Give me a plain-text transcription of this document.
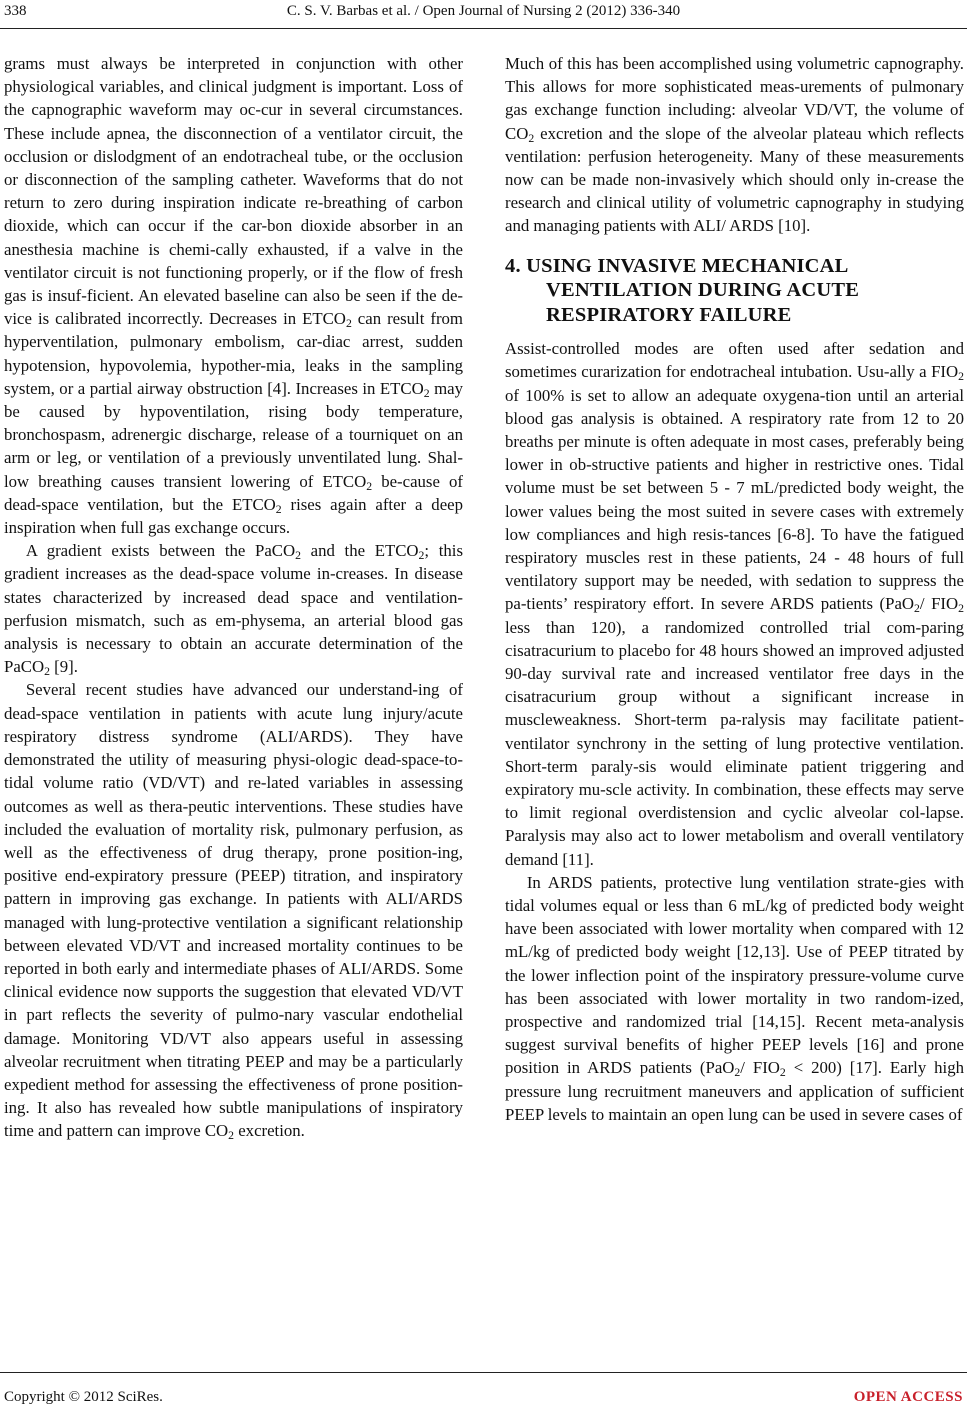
338	C. S. V. Barbas et al. / Open Journal of Nursing 2 (2012) 336-340

grams must always be interpreted in conjunction with other physiological variables, and clinical judgment is important. Loss of the capnographic waveform may oc-cur in several circumstances. These include apnea, the disconnection of a ventilator circuit, the occlusion or dislodgment of an endotracheal tube, or the occlusion or disconnection of the sampling catheter. Waveforms that do not return to zero during inspiration indicate re-breathing of carbon dioxide, which can occur if the car-bon dioxide absorber in an anesthesia machine is chemi-cally exhausted, if a valve in the ventilator circuit is not functioning properly, or if the flow of fresh gas is insuf-ficient. An elevated baseline can also be seen if the de-vice is calibrated incorrectly. Decreases in $ETCO_2$ can result from hyperventilation, pulmonary embolism, car-diac arrest, sudden hypotension, hypovolemia, hypother-mia, leaks in the sampling system, or a partial airway obstruction [4]. Increases in $ETCO_2$ may be caused by hypoventilation, rising body temperature, bronchospasm, adrenergic discharge, release of a tourniquet on an arm or leg, or ventilation of a previously unventilated lung. Shal-low breathing causes transient lowering of $ETCO_2$ be-cause of dead-space ventilation, but the $ETCO_2$ rises again after a deep inspiration when full gas exchange occurs.

A gradient exists between the PaCO$_2$ and the $ETCO_2$; this gradient increases as the dead-space volume in-creases. In disease states characterized by increased dead space and ventilation-perfusion mismatch, such as em-physema, an arterial blood gas analysis is necessary to obtain an accurate determination of the PaCO$_2$ [9].

Several recent studies have advanced our understand-ing of dead-space ventilation in patients with acute lung injury/acute respiratory distress syndrome (ALI/ARDS). They have demonstrated the utility of measuring physi-ologic dead-space-to-tidal volume ratio (VD/VT) and re-lated variables in assessing outcomes as well as thera-peutic interventions. These studies have included the evaluation of mortality risk, pulmonary perfusion, as well as the effectiveness of drug therapy, prone position-ing, positive end-expiratory pressure (PEEP) titration, and inspiratory pattern in improving gas exchange. In patients with ALI/ARDS managed with lung-protective ventilation a significant relationship between elevated VD/VT and increased mortality continues to be reported in both early and intermediate phases of ALI/ARDS. Some clinical evidence now supports the suggestion that elevated VD/VT in part reflects the severity of pulmo-nary vascular endothelial damage. Monitoring VD/VT also appears useful in assessing alveolar recruitment when titrating PEEP and may be a particularly expedient method for assessing the effectiveness of prone position-ing. It also has revealed how subtle manipulations of inspiratory time and pattern can improve $CO_2$ excretion.

Much of this has been accomplished using volumetric capnography. This allows for more sophisticated meas-urements of pulmonary gas exchange function including: alveolar VD/VT, the volume of $CO_2$ excretion and the slope of the alveolar plateau which reflects ventilation: perfusion heterogeneity. Many of these measurements now can be made non-invasively which should only in-crease the research and clinical utility of volumetric capnography in studying and managing patients with ALI/ ARDS [10].

4. USING INVASIVE MECHANICAL VENTILATION DURING ACUTE RESPIRATORY FAILURE

Assist-controlled modes are often used after sedation and sometimes curarization for endotracheal intubation. Usu-ally a $FIO_2$ of 100% is set to allow an adequate oxygena-tion until an arterial blood gas analysis is obtained. A respiratory rate from 12 to 20 breaths per minute is often adequate in most cases, preferably being lower in ob-structive patients and higher in restrictive ones. Tidal volume must be set between 5 - 7 mL/predicted body weight, the lower values being the most suited in severe cases with extremely low compliances and high resis-tances [6-8]. To have the fatigued respiratory muscles rest in these patients, 24 - 48 hours of full ventilatory support may be needed, with sedation to suppress the pa-tients’ respiratory effort. In severe ARDS patients (PaO$_2$/ $FIO_2$ less than 120), a randomized controlled trial com-paring cisatracurium to placebo for 48 hours showed an improved adjusted 90-day survival rate and increased ventilator free days in the cisatracurium group without a significant increase in muscleweakness. Short-term pa-ralysis may facilitate patient-ventilator synchrony in the setting of lung protective ventilation. Short-term paraly-sis would eliminate patient triggering and expiratory mu-scle activity. In combination, these effects may serve to limit regional overdistension and cyclic alveolar col-lapse. Paralysis may also act to lower metabolism and overall ventilatory demand [11].

In ARDS patients, protective lung ventilation strate-gies with tidal volumes equal or less than 6 mL/kg of predicted body weight have been associated with lower mortality when compared with 12 mL/kg of predicted body weight [12,13]. Use of PEEP titrated by the lower inflection point of the inspiratory pressure-volume curve has been associated with lower mortality in two random-ized, prospective and randomized trial [14,15]. Recent meta-analysis suggest survival benefits of higher PEEP levels [16] and prone position in ARDS patients (PaO$_2$/ $FIO_2 < 200$) [17]. Early high pressure lung recruitment maneuvers and application of sufficient PEEP levels to maintain an open lung can be used in severe cases of

Copyright © 2012 SciRes.	OPEN ACCESS
